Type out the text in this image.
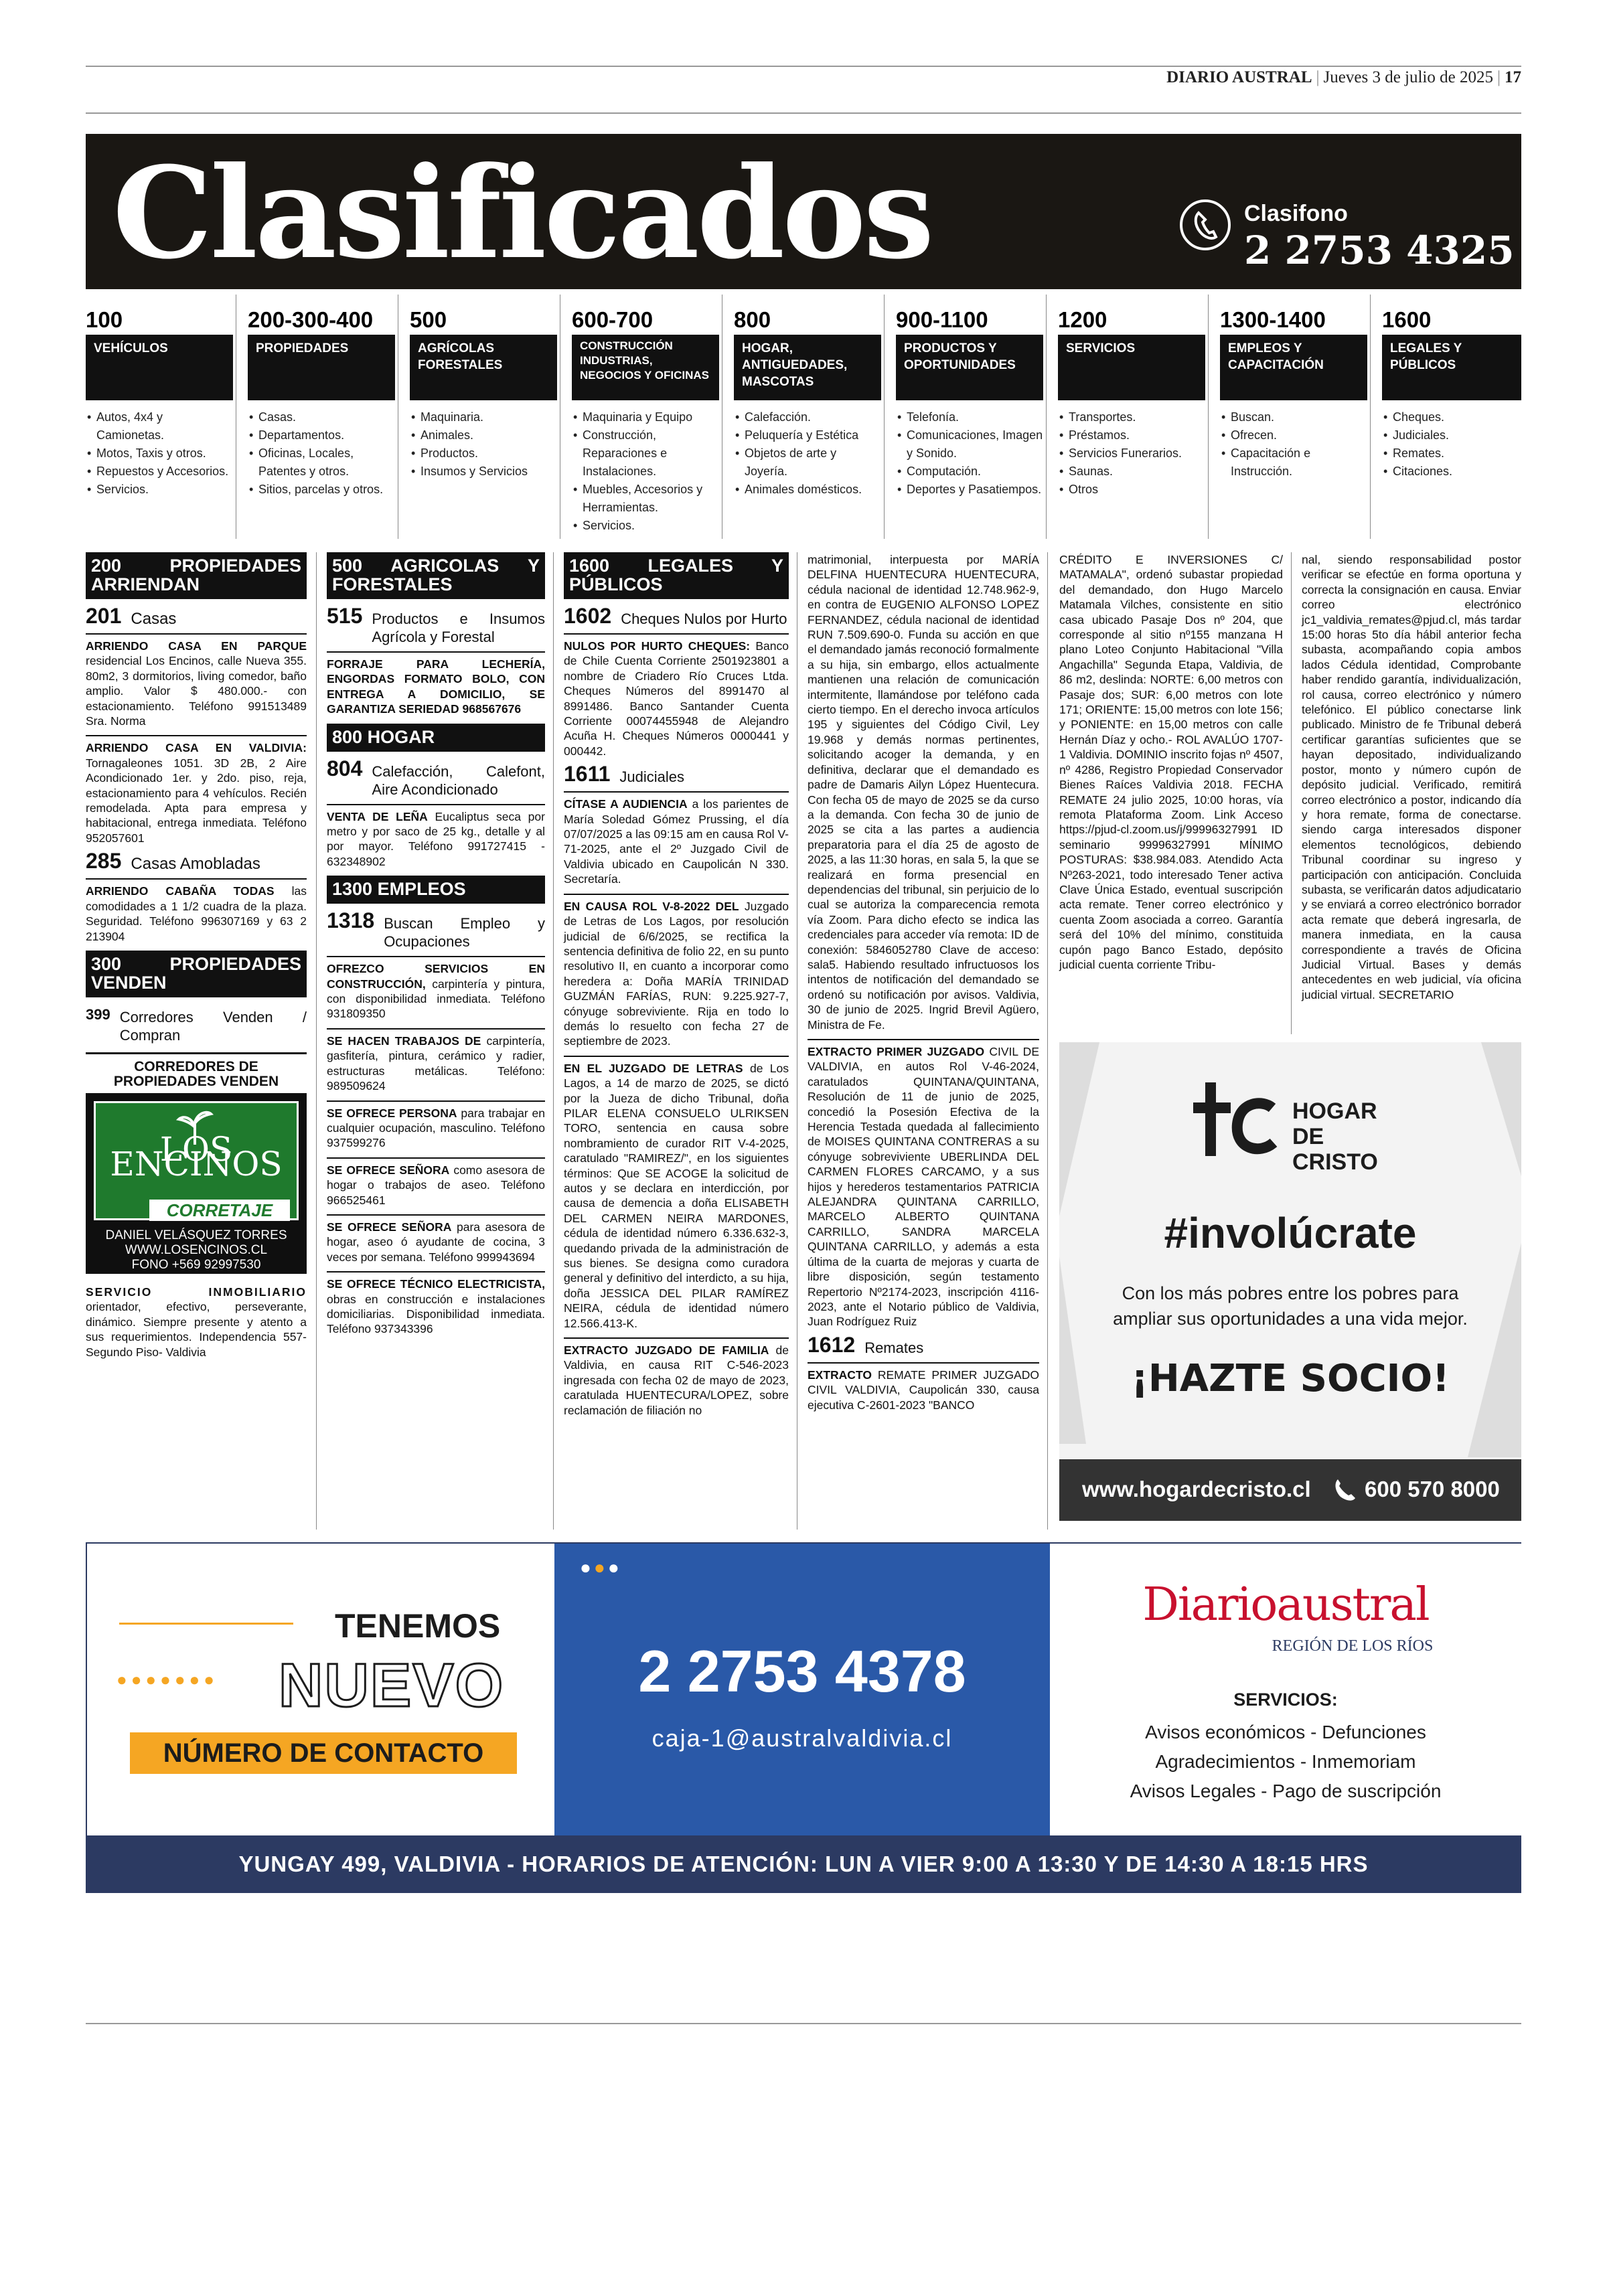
DIARIO AUSTRAL | Jueves 3 de julio de 2025 | 17
Clasificados	Clasifono
2 2753 4325
100
VEHÍCULOS
• Autos, 4x4 y Camionetas.
• Motos, Taxis y otros.
• Repuestos y Accesorios.
• Servicios.
200-300-400
PROPIEDADES
• Casas.
• Departamentos.
• Oficinas, Locales, Patentes y otros.
• Sitios, parcelas y otros.
500
AGRÍCOLAS FORESTALES
• Maquinaria.
• Animales.
• Productos.
• Insumos y Servicios
600-700
CONSTRUCCIÓN INDUSTRIAS, NEGOCIOS Y OFICINAS
• Maquinaria y Equipo
• Construcción, Reparaciones e Instalaciones.
• Muebles, Accesorios y Herramientas.
• Servicios.
800
HOGAR, ANTIGUEDADES, MASCOTAS
• Calefacción.
• Peluquería y Estética
• Objetos de arte y Joyería.
• Animales domésticos.
900-1100
PRODUCTOS Y OPORTUNIDADES
• Telefonía.
• Comunicaciones, Imagen y Sonido.
• Computación.
• Deportes y Pasatiempos.
1200
SERVICIOS
• Transportes.
• Préstamos.
• Servicios Funerarios.
• Saunas.
• Otros
1300-1400
EMPLEOS Y CAPACITACIÓN
• Buscan.
• Ofrecen.
• Capacitación e Instrucción.
1600
LEGALES Y PÚBLICOS
• Cheques.
• Judiciales.
• Remates.
• Citaciones.
200	PROPIEDADES ARRIENDAN
201 Casas
ARRIENDO CASA EN PARQUE residencial Los Encinos, calle Nueva 355. 80m2, 3 dormitorios, living comedor, baño amplio. Valor $ 480.000.- con estacionamiento. Teléfono 991513489 Sra. Norma
ARRIENDO CASA EN VALDIVIA: Tornagaleones 1051. 3D 2B, 2 Aire Acondicionado 1er. y 2do. piso, reja, estacionamiento para 4 vehículos. Recién remodelada. Apta para empresa y habitacional, entrega inmediata. Teléfono 952057601
285 Casas Amobladas
ARRIENDO CABAÑA TODAS las comodidades a 1 1/2 cuadra de la plaza. Seguridad. Teléfono 996307169 y 63 2 213904
300	PROPIEDADES VENDEN
399 Corredores Venden / Compran
CORREDORES DE PROPIEDADES VENDEN
LOS ENCINOS
CORRETAJE
DANIEL VELÁSQUEZ TORRES
WWW.LOSENCINOS.CL
FONO +569 92997530
SERVICIO INMOBILIARIO orientador, efectivo, perseverante, dinámico. Siempre presente y atento a sus requerimientos. Independencia 557- Segundo Piso- Valdivia
500 AGRICOLAS Y FORESTALES
515 Productos e Insumos Agrícola y Forestal
FORRAJE PARA LECHERÍA, ENGORDAS FORMATO BOLO, CON ENTREGA A DOMICILIO, SE GARANTIZA SERIEDAD 968567676
800 HOGAR
804 Calefacción, Calefont, Aire Acondicionado
VENTA DE LEÑA Eucaliptus seca por metro y por saco de 25 kg., detalle y al por mayor. Teléfono 991727415 - 632348902
1300 EMPLEOS
1318 Buscan Empleo y Ocupaciones
OFREZCO SERVICIOS EN CONSTRUCCIÓN, carpintería y pintura, con disponibilidad inmediata. Teléfono 931809350
SE HACEN TRABAJOS DE carpintería, gasfitería, pintura, cerámico y radier, estructuras metálicas. Teléfono: 989509624
SE OFRECE PERSONA para trabajar en cualquier ocupación, masculino. Teléfono 937599276
SE OFRECE SEÑORA como asesora de hogar o trabajos de aseo. Teléfono 966525461
SE OFRECE SEÑORA para asesora de hogar, aseo ó ayudante de cocina, 3 veces por semana. Teléfono 999943694
SE OFRECE TÉCNICO ELECTRICISTA, obras en construcción e instalaciones domiciliarias. Disponibilidad inmediata. Teléfono 937343396
1600 LEGALES Y PÚBLICOS
1602 Cheques Nulos por Hurto
NULOS POR HURTO CHEQUES: Banco de Chile Cuenta Corriente 2501923801 a nombre de Criadero Río Cruces Ltda. Cheques Números del 8991470 al 8991486. Banco Santander Cuenta Corriente 00074455948 de Alejandro Acuña H. Cheques Números 0000441 y 000442.
1611 Judiciales
CÍTASE A AUDIENCIA a los parientes de María Soledad Gómez Prussing, el día 07/07/2025 a las 09:15 am en causa Rol V-71-2025, ante el 2º Juzgado Civil de Valdivia ubicado en Caupolicán N 330. Secretaría.
EN CAUSA ROL V-8-2022 DEL Juzgado de Letras de Los Lagos, por resolución judicial de 6/6/2025, se rectifica la sentencia definitiva de folio 22, en su punto resolutivo II, en cuanto a incorporar como heredera a: Doña MARÍA TRINIDAD GUZMÁN FARÍAS, RUN: 9.225.927-7, cónyuge sobreviviente. Rija en todo lo demás lo resuelto con fecha 27 de septiembre de 2023.
EN EL JUZGADO DE LETRAS de Los Lagos, a 14 de marzo de 2025, se dictó por la Jueza de dicho Tribunal, doña PILAR ELENA CONSUELO ULRIKSEN TORO, sentencia en causa sobre nombramiento de curador RIT V-4-2025, caratulado "RAMIREZ/", en los siguientes términos: Que SE ACOGE la solicitud de autos y se declara en interdicción, por causa de demencia a doña ELISABETH DEL CARMEN NEIRA MARDONES, cédula de identidad número 6.336.632-3, quedando privada de la administración de sus bienes. Se designa como curadora general y definitivo del interdicto, a su hija, doña JESSICA DEL PILAR RAMÍREZ NEIRA, cédula de identidad número 12.566.413-K.
EXTRACTO JUZGADO DE FAMILIA de Valdivia, en causa RIT C-546-2023 ingresada con fecha 02 de mayo de 2023, caratulada HUENTECURA/LOPEZ, sobre reclamación de filiación no
matrimonial, interpuesta por MARÍA DELFINA HUENTECURA HUENTECURA, cédula nacional de identidad 12.748.962-9, en contra de EUGENIO ALFONSO LOPEZ FERNANDEZ, cédula nacional de identidad RUN 7.509.690-0. Funda su acción en que el demandado jamás reconoció formalmente a su hija, sin embargo, ellos actualmente mantienen una relación de comunicación intermitente, llamándose por teléfono cada cierto tiempo. En el derecho invoca artículos 195 y siguientes del Código Civil, Ley 19.968 y demás normas pertinentes, solicitando acoger la demanda, y en definitiva, declarar que el demandado es padre de Damaris Ailyn López Huentecura. Con fecha 05 de mayo de 2025 se da curso a la demanda. Con fecha 30 de junio de 2025 se cita a las partes a audiencia preparatoria para el día 25 de agosto de 2025, a las 11:30 horas, en sala 5, la que se realizará en forma presencial en dependencias del tribunal, sin perjuicio de lo cual se autoriza la comparecencia remota vía Zoom. Para dicho efecto se indica las credenciales para acceder vía remota: ID de conexión: 5846052780 Clave de acceso: sala5. Habiendo resultado infructuosos los intentos de notificación del demandado se ordenó su notificación por avisos. Valdivia, 30 de junio de 2025. Ingrid Brevil Agüero, Ministra de Fe.
EXTRACTO PRIMER JUZGADO CIVIL DE VALDIVIA, en autos Rol V-46-2024, caratulados QUINTANA/QUINTANA, Resolución de 11 de junio de 2025, concedió la Posesión Efectiva de la Herencia Testada quedada al fallecimiento de MOISES QUINTANA CONTRERAS a su cónyuge sobreviviente UBERLINDA DEL CARMEN FLORES CARCAMO, y a sus hijos y herederos testamentarios PATRICIA ALEJANDRA QUINTANA CARRILLO, MARCELO ALBERTO QUINTANA CARRILLO, SANDRA MARCELA QUINTANA CARRILLO, y además a esta última de la cuarta de mejoras y cuarta de libre disposición, según testamento Repertorio Nº2174-2023, inscripción 4116-2023, ante el Notario público de Valdivia, Juan Rodríguez Ruiz
1612 Remates
EXTRACTO REMATE PRIMER JUZGADO CIVIL VALDIVIA, Caupolicán 330, causa ejecutiva C-2601-2023 "BANCO
CRÉDITO E INVERSIONES C/ MATAMALA", ordenó subastar propiedad del demandado, don Hugo Marcelo Matamala Vilches, consistente en sitio casa ubicado Pasaje Dos nº 204, que corresponde al sitio nº155 manzana H plano Loteo Conjunto Habitacional "Villa Angachilla" Segunda Etapa, Valdivia, de 86 m2, deslinda: NORTE: 6,00 metros con Pasaje dos; SUR: 6,00 metros con lote 171; ORIENTE: 15,00 metros con lote 156; y PONIENTE: en 15,00 metros con calle Hernán Díaz y ocho.- ROL AVALÚO 1707-1 Valdivia. DOMINIO inscrito fojas nº 4507, nº 4286, Registro Propiedad Conservador Bienes Raíces Valdivia 2018. FECHA REMATE 24 julio 2025, 10:00 horas, vía remota Plataforma Zoom. Link Acceso https://pjud-cl.zoom.us/j/99996327991 ID seminario 99996327991 MÍNIMO POSTURAS: $38.984.083. Atendido Acta Nº263-2021, todo interesado Tener activa Clave Única Estado, eventual suscripción acta remate. Tener correo electrónico y cuenta Zoom asociada a correo. Garantía será del 10% del mínimo, constituida cupón pago Banco Estado, depósito judicial cuenta corriente Tribu-
nal, siendo responsabilidad postor verificar se efectúe en forma oportuna y correcta la consignación en causa. Enviar correo electrónico jc1_valdivia_remates@pjud.cl, más tardar 15:00 horas 5to día hábil anterior fecha subasta, acompañando copia ambos lados Cédula identidad, Comprobante haber rendido garantía, individualización, rol causa, correo electrónico y número telefónico. El público conectarse link publicado. Ministro de fe Tribunal deberá certificar garantías suficientes que se hayan depositado, individualizando postor, monto y número cupón de depósito judicial. Verificado, remitirá correo electrónico a postor, indicando día y hora remate, forma de conectarse. siendo carga interesados disponer elementos tecnológicos, debiendo Tribunal coordinar su ingreso y participación con anticipación. Concluida subasta, se verificarán datos adjudicatario y se enviará a correo electrónico borrador acta remate que deberá ingresarla, de manera inmediata, en la causa correspondiente a través de Oficina Judicial Virtual. Bases y demás antecedentes en web judicial, vía oficina judicial virtual. SECRETARIO
HOGAR DE CRISTO
#involúcrate
Con los más pobres entre los pobres para ampliar sus oportunidades a una vida mejor.
¡HAZTE SOCIO!
www.hogardecristo.cl 600 570 8000
TENEMOS
●●●●●●● NUEVO
NÚMERO DE CONTACTO
●●●
2 2753 4378
caja-1@australvaldivia.cl
Diarioaustral
REGIÓN DE LOS RÍOS
SERVICIOS:
Avisos económicos - Defunciones
Agradecimientos - Inmemoriam
Avisos Legales - Pago de suscripción
YUNGAY 499, VALDIVIA - HORARIOS DE ATENCIÓN: LUN A VIER 9:00 A 13:30 Y DE 14:30 A 18:15 HRS
